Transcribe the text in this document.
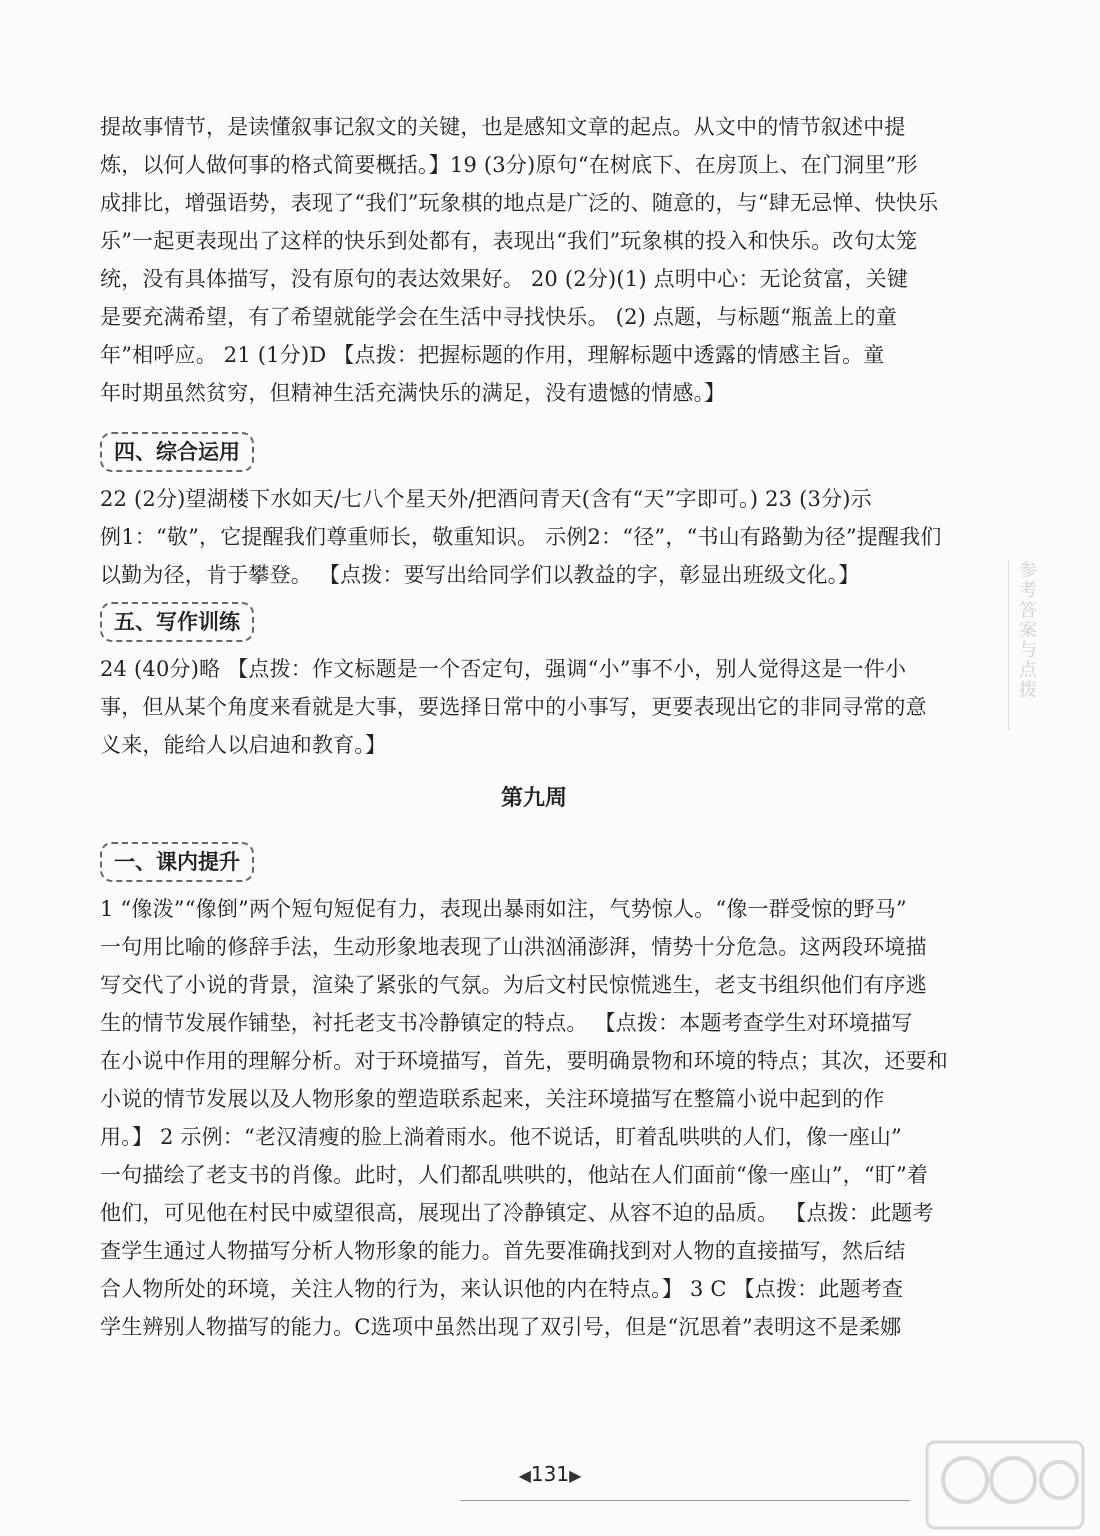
提故事情节，是读懂叙事记叙文的关键，也是感知文章的起点。从文中的情节叙述中提
炼，以何人做何事的格式简要概括。】19 (3分)原句“在树底下、在房顶上、在门洞里”形
成排比，增强语势，表现了“我们”玩象棋的地点是广泛的、随意的，与“肆无忌惮、快快乐
乐”一起更表现出了这样的快乐到处都有，表现出“我们”玩象棋的投入和快乐。改句太笼
统，没有具体描写，没有原句的表达效果好。 20 (2分)(1) 点明中心：无论贫富，关键
是要充满希望，有了希望就能学会在生活中寻找快乐。 (2) 点题，与标题“瓶盖上的童
年”相呼应。 21 (1分)D 【点拨：把握标题的作用，理解标题中透露的情感主旨。童
年时期虽然贫穷，但精神生活充满快乐的满足，没有遗憾的情感。】
四、综合运用
22 (2分)望湖楼下水如天/七八个星天外/把酒问青天(含有“天”字即可。) 23 (3分)示
例1：“敬”，它提醒我们尊重师长，敬重知识。 示例2：“径”，“书山有路勤为径”提醒我们
以勤为径，肯于攀登。 【点拨：要写出给同学们以教益的字，彰显出班级文化。】
五、写作训练
24 (40分)略 【点拨：作文标题是一个否定句，强调“小”事不小，别人觉得这是一件小
事，但从某个角度来看就是大事，要选择日常中的小事写，更要表现出它的非同寻常的意
义来，能给人以启迪和教育。】
第九周
一、课内提升
1 “像泼”“像倒”两个短句短促有力，表现出暴雨如注，气势惊人。“像一群受惊的野马”
一句用比喻的修辞手法，生动形象地表现了山洪汹涌澎湃，情势十分危急。这两段环境描
写交代了小说的背景，渲染了紧张的气氛。为后文村民惊慌逃生，老支书组织他们有序逃
生的情节发展作铺垫，衬托老支书冷静镇定的特点。 【点拨：本题考查学生对环境描写
在小说中作用的理解分析。对于环境描写，首先，要明确景物和环境的特点；其次，还要和
小说的情节发展以及人物形象的塑造联系起来，关注环境描写在整篇小说中起到的作
用。】 2 示例：“老汉清瘦的脸上淌着雨水。他不说话，盯着乱哄哄的人们，像一座山”
一句描绘了老支书的肖像。此时，人们都乱哄哄的，他站在人们面前“像一座山”，“盯”着
他们，可见他在村民中威望很高，展现出了冷静镇定、从容不迫的品质。 【点拨：此题考
查学生通过人物描写分析人物形象的能力。首先要准确找到对人物的直接描写，然后结
合人物所处的环境，关注人物的行为，来认识他的内在特点。】 3 C 【点拨：此题考查
学生辨别人物描写的能力。C选项中虽然出现了双引号，但是“沉思着”表明这不是柔娜
参考答案与点拨
◀131▶
